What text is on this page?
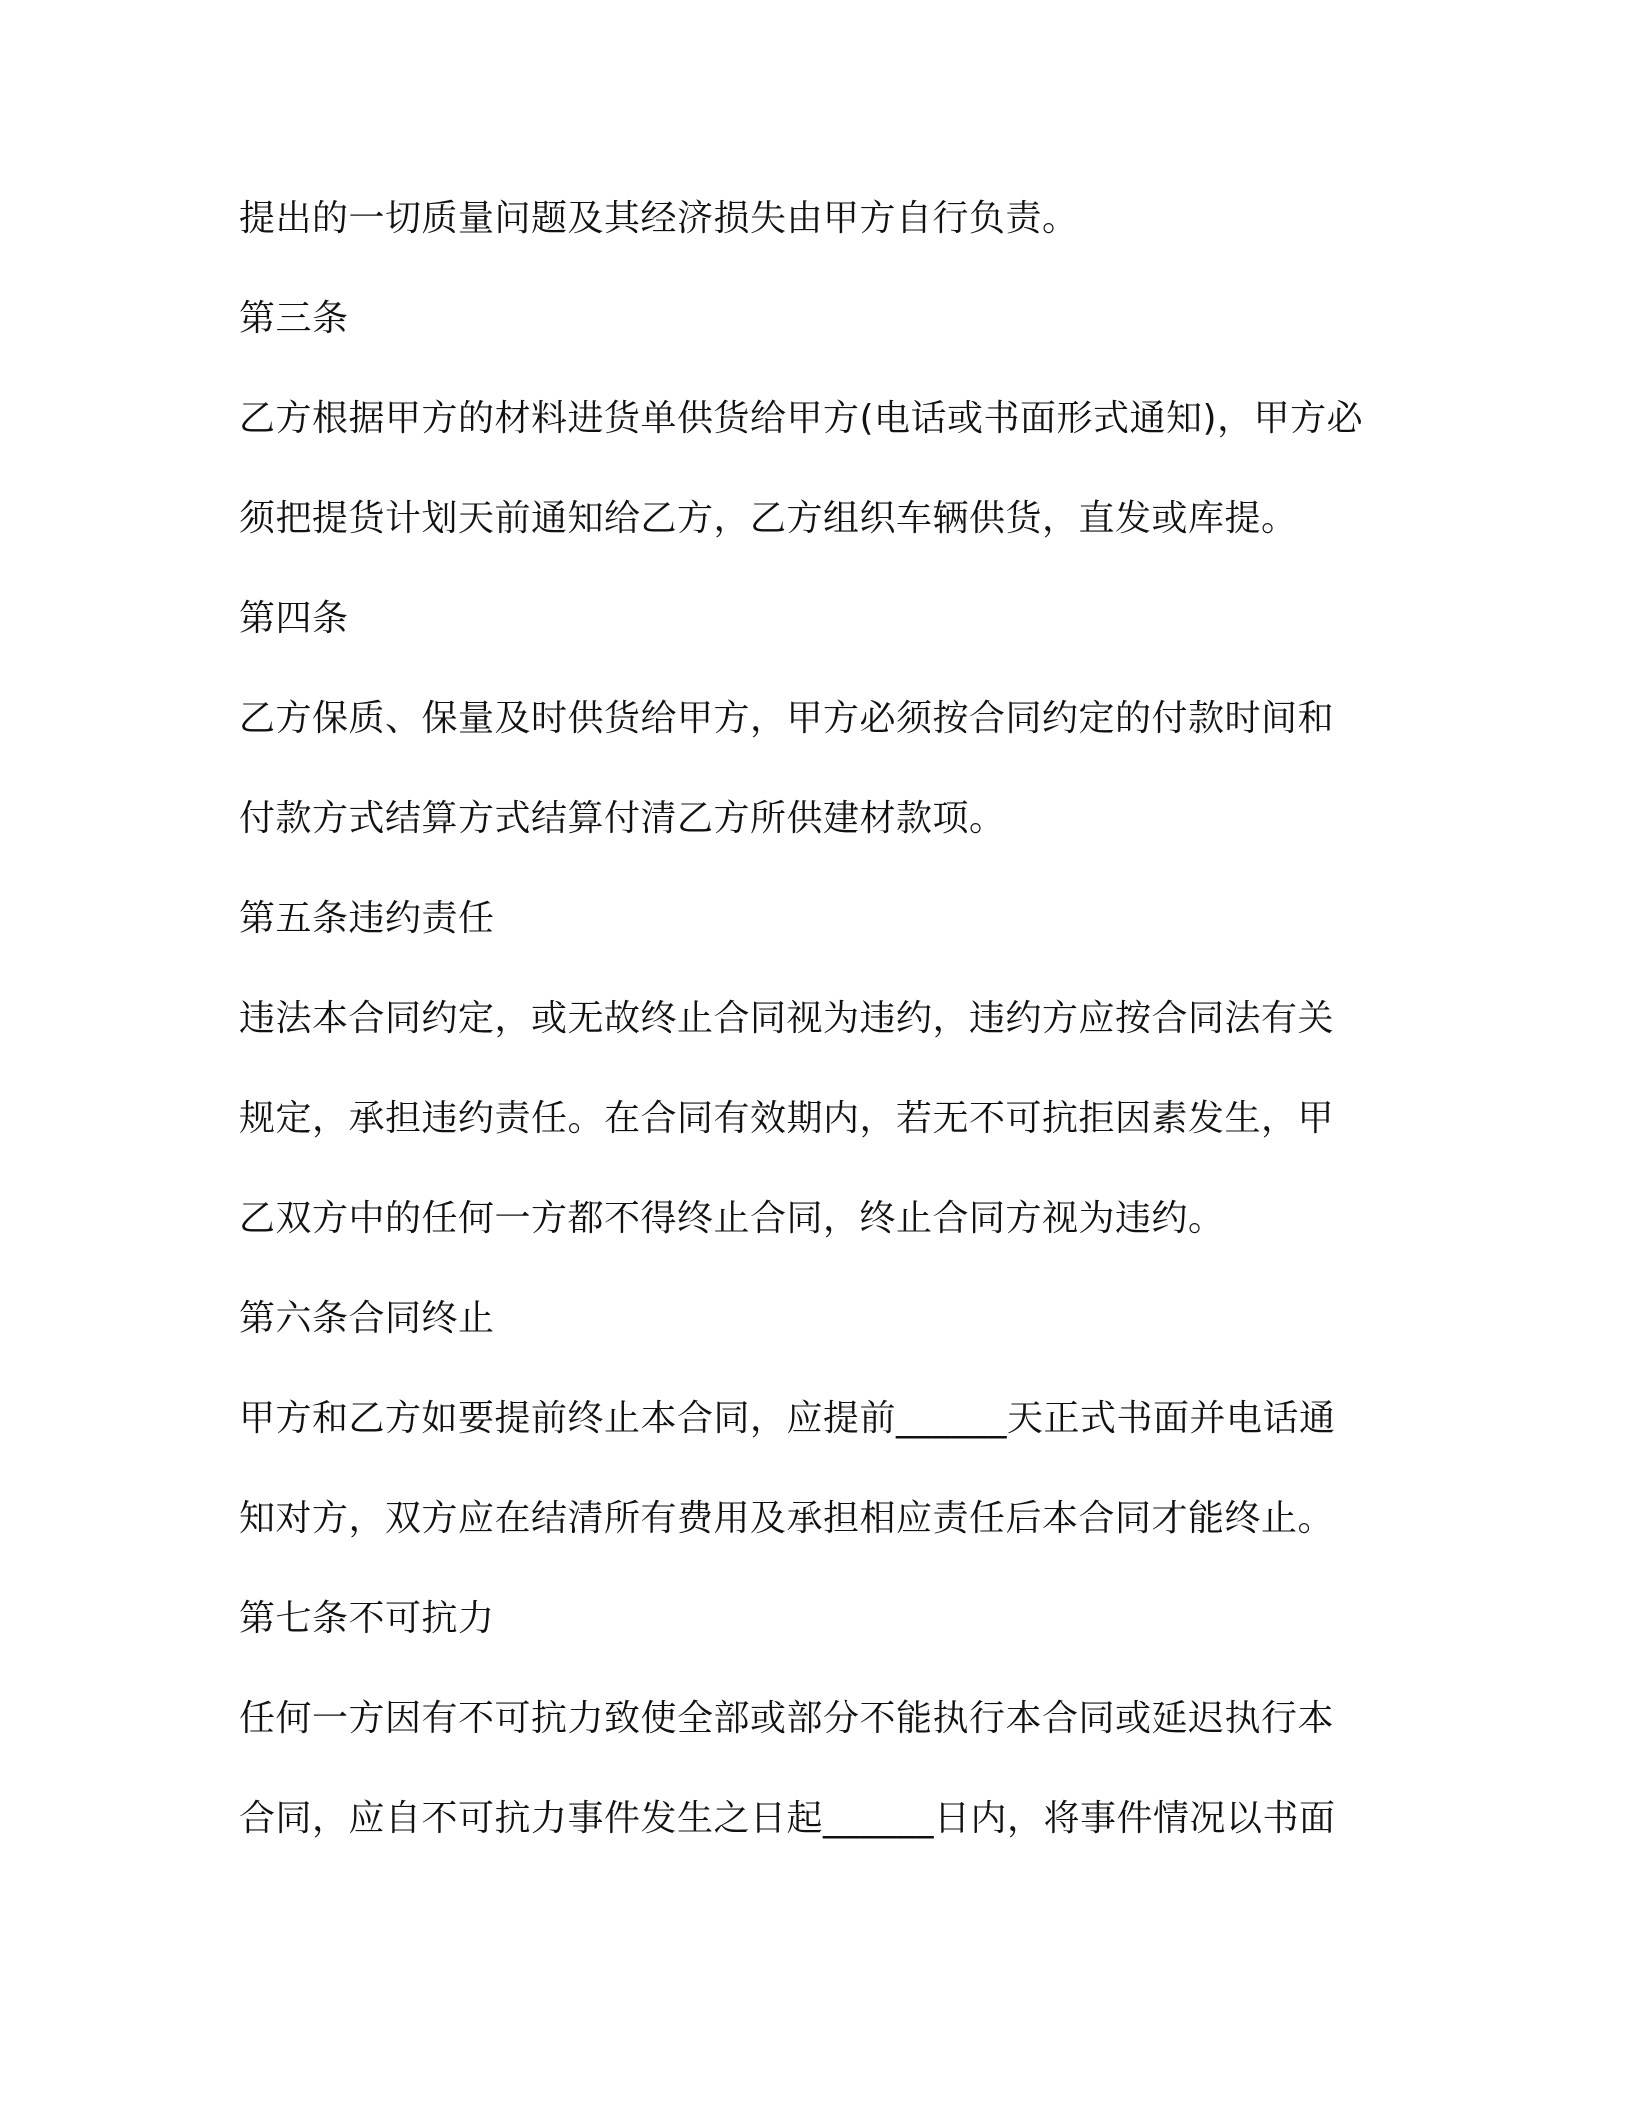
提出的一切质量问题及其经济损失由甲方自行负责。
第三条
乙方根据甲方的材料进货单供货给甲方(电话或书面形式通知)，甲方必
须把提货计划天前通知给乙方，乙方组织车辆供货，直发或库提。
第四条
乙方保质、保量及时供货给甲方，甲方必须按合同约定的付款时间和
付款方式结算方式结算付清乙方所供建材款项。
第五条违约责任
违法本合同约定，或无故终止合同视为违约，违约方应按合同法有关
规定，承担违约责任。在合同有效期内，若无不可抗拒因素发生，甲
乙双方中的任何一方都不得终止合同，终止合同方视为违约。
第六条合同终止
甲方和乙方如要提前终止本合同，应提前______天正式书面并电话通
知对方，双方应在结清所有费用及承担相应责任后本合同才能终止。
第七条不可抗力
任何一方因有不可抗力致使全部或部分不能执行本合同或延迟执行本
合同，应自不可抗力事件发生之日起______日内，将事件情况以书面
